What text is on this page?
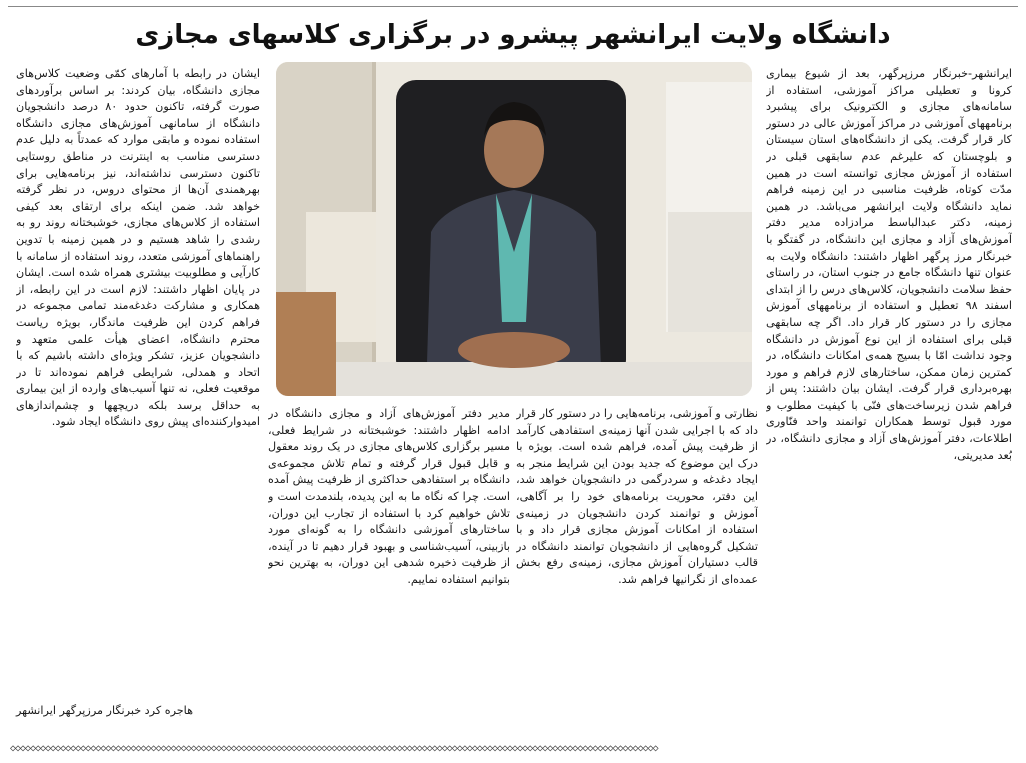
دانشگاه ولایت ایرانشهر پیشرو در برگزاری کلاسهای مجازی
ایرانشهر-خبرنگار مرزپرگهر، بعد از شیوع بیماری کرونا و تعطیلی مراکز آموزشی، استفاده از سامانه‌های مجازی و الکترونیک برای پیشبرد برنامههای آموزشی در مراکز آموزش عالی در دستور کار قرار گرفت. یکی از دانشگاه‌های استان سیستان و بلوچستان که علیرغم عدم سابقهی قبلی در استفاده از آموزش مجازی توانسته است در همین مدّت کوتاه، ظرفیت مناسبی در این زمینه فراهم نماید دانشگاه ولایت ایرانشهر می‌باشد. در همین زمینه، دکتر عبدالباسط مرادزاده مدیر دفتر آموزش‌های آزاد و مجازی این دانشگاه، در گفتگو با خبرنگار مرز پرگهر اظهار داشتند: دانشگاه ولایت به عنوان تنها دانشگاه جامع در جنوب استان، در راستای حفظ سلامت دانشجویان، کلاس‌های درس را از ابتدای اسفند ۹۸ تعطیل و استفاده از برنامههای آموزش مجازی را در دستور کار قرار داد. اگر چه سابقهی قبلی برای استفاده از این نوع آموزش در دانشگاه وجود نداشت امّا با بسیج همه‌ی امکانات دانشگاه، در کمترین زمان ممکن، ساختارهای لازم فراهم و مورد بهره‌برداری قرار گرفت. ایشان بیان داشتند: پس از فراهم شدن زیرساخت‌های فنّی با کیفیت مطلوب و مورد قبول توسط همکاران توانمند واحد فنّاوری اطلاعات، دفتر آموزش‌های آزاد و مجازی دانشگاه، در بُعد مدیریتی،
نظارتی و آموزشی، برنامه‌هایی را در دستور کار قرار داد که با اجرایی شدن آنها زمینه‌ی استفادهی کارآمد از ظرفیت پیش آمده، فراهم شده است. بویژه با درک این موضوع که جدید بودن این شرایط منجر به ایجاد دغدغه و سردرگمی در دانشجویان خواهد شد، این دفتر، محوریت برنامه‌های خود را بر آگاهی، آموزش و توانمند کردن دانشجویان در زمینه‌ی استفاده از امکانات آموزش مجازی قرار داد و با تشکیل گروه‌هایی از دانشجویان توانمند دانشگاه در قالب دستیاران آموزش مجازی، زمینه‌ی رفع بخش عمده‌ای از نگرانیها فراهم شد.
مدیر دفتر آموزش‌های آزاد و مجازی دانشگاه در ادامه اظهار داشتند: خوشبختانه در شرایط فعلی، مسیر برگزاری کلاس‌های مجازی در یک روند معقول و قابل قبول قرار گرفته و تمام تلاش مجموعه‌ی دانشگاه بر استفادهی حداکثری از ظرفیت پیش آمده است. چرا که نگاه ما به این پدیده، بلندمدت است و تلاش خواهیم کرد با استفاده از تجارب این دوران، ساختارهای آموزشی دانشگاه را به گونه‌ای مورد بازبینی، آسیب‌شناسی و بهبود قرار دهیم تا در آینده، از ظرفیت ذخیره شدهی این دوران، به بهترین نحو بتوانیم استفاده نماییم.
ایشان در رابطه با آمارهای کمّی وضعیت کلاس‌های مجازی دانشگاه، بیان کردند: بر اساس برآوردهای صورت گرفته، تاکنون حدود ۸۰ درصد دانشجویان دانشگاه از سامانهی آموزش‌های مجازی دانشگاه استفاده نموده و مابقی موارد که عمدتاً به دلیل عدم دسترسی مناسب به اینترنت در مناطق روستایی تاکنون دسترسی نداشته‌اند، نیز برنامه‌هایی برای بهرهمندی آن‌ها از محتوای دروس، در نظر گرفته خواهد شد. ضمن اینکه برای ارتقای بعد کیفی استفاده از کلاس‌های مجازی، خوشبختانه روند رو به رشدی را شاهد هستیم و در همین زمینه با تدوین راهنماهای آموزشی متعدد، روند استفاده از سامانه با کارآیی و مطلوبیت بیشتری همراه شده است. ایشان در پایان اظهار داشتند: لازم است در این رابطه، از همکاری و مشارکت دغدغه‌مند تمامی مجموعه در فراهم کردن این ظرفیت ماندگار، بویژه ریاست محترم دانشگاه، اعضای هیأت علمی متعهد و دانشجویان عزیز، تشکر ویژه‌ای داشته باشیم که با اتحاد و همدلی، شرایطی فراهم نموده‌اند تا در موقعیت فعلی، نه تنها آسیب‌های وارده از این بیماری به حداقل برسد بلکه دریچهها و چشم‌اندازهای امیدوارکننده‌ای پیش روی دانشگاه ایجاد شود.
هاجره کرد خبرنگار مرزپرگهر ایرانشهر
◇◇◇◇◇◇◇◇◇◇◇◇◇◇◇◇◇◇◇◇◇◇◇◇◇◇◇◇◇◇◇◇◇◇◇◇◇◇◇◇◇◇◇◇◇◇◇◇◇◇◇◇◇◇◇◇◇◇◇◇◇◇◇◇◇◇◇◇◇◇◇◇◇◇◇◇◇◇◇◇◇◇◇◇◇◇◇◇◇◇◇◇◇◇◇◇◇◇◇◇◇◇◇◇◇◇◇◇◇◇◇◇◇◇◇◇◇◇◇◇◇◇◇◇◇◇◇◇◇
